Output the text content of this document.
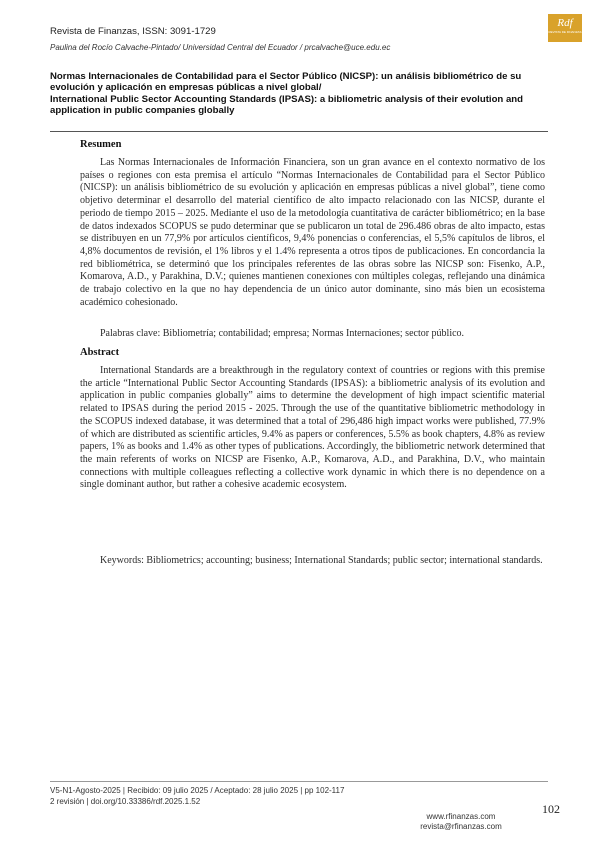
Revista de Finanzas, ISSN: 3091-1729
Paulina del Rocío Calvache-Pintado/ Universidad Central del Ecuador / prcalvache@uce.edu.ec
Rdf
REVISTA DE FINANZAS
Normas Internacionales de Contabilidad para el Sector Público (NICSP): un análisis bibliométrico de su evolución y aplicación en empresas públicas a nivel global/
International Public Sector Accounting Standards (IPSAS): a bibliometric analysis of their evolution and application in public companies globally
Resumen
Las Normas Internacionales de Información Financiera, son un gran avance en el contexto normativo de los países o regiones con esta premisa el artículo “Normas Internacionales de Contabilidad para el Sector Público (NICSP): un análisis bibliométrico de su evolución y aplicación en empresas públicas a nivel global”, tiene como objetivo determinar el desarrollo del material científico de alto impacto relacionado con las NICSP, durante el periodo de tiempo 2015 – 2025. Mediante el uso de la metodología cuantitativa de carácter bibliométrico; en la base de datos indexados SCOPUS se pudo determinar que se publicaron un total de 296.486 obras de alto impacto, estas se distribuyen en un 77,9% por artículos científicos, 9,4% ponencias o conferencias, el 5,5% capítulos de libros, el 4,8% documentos de revisión, el 1% libros y el 1.4% representa a otros tipos de publicaciones. En concordancia la red bibliométrica, se determinó que los principales referentes de las obras sobre las NICSP son: Fisenko, A.P., Komarova, A.D., y Parakhina, D.V.; quienes mantienen conexiones con múltiples colegas, reflejando una dinámica de trabajo colectivo en la que no hay dependencia de un único autor dominante, sino más bien un ecosistema académico cohesionado.
Palabras clave: Bibliometría; contabilidad; empresa; Normas Internaciones; sector público.
Abstract
International Standards are a breakthrough in the regulatory context of countries or regions with this premise the article “International Public Sector Accounting Standards (IPSAS): a bibliometric analysis of its evolution and application in public companies globally” aims to determine the development of high impact scientific material related to IPSAS during the period 2015 - 2025. Through the use of the quantitative bibliometric methodology in the SCOPUS indexed database, it was determined that a total of 296,486 high impact works were published, 77.9% of which are distributed as scientific articles, 9.4% as papers or conferences, 5.5% as book chapters, 4.8% as review papers, 1% as books and 1.4% as other types of publications. Accordingly, the bibliometric network determined that the main referents of works on NICSP are Fisenko, A.P., Komarova, A.D., and Parakhina, D.V., who maintain connections with multiple colleagues reflecting a collective work dynamic in which there is no dependence on a single dominant author, but rather a cohesive academic ecosystem.
Keywords: Bibliometrics; accounting; business; International Standards; public sector; international standards.
V5-N1-Agosto-2025 | Recibido: 09 julio 2025 / Aceptado: 28 julio 2025 | pp 102-117
2 revisión | doi.org/10.33386/rdf.2025.1.52
102
www.rfinanzas.com
revista@rfinanzas.com
